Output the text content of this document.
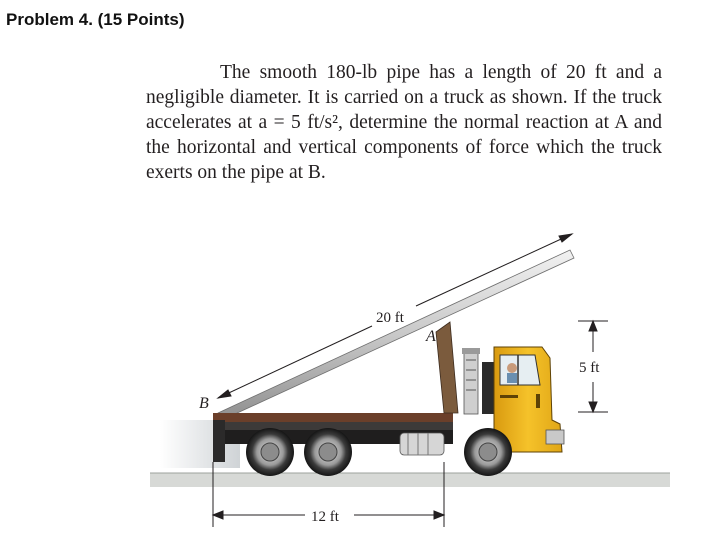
Problem 4. (15 Points)
The smooth 180-lb pipe has a length of 20 ft and a negligible diameter. It is carried on a truck as shown. If the truck accelerates at a = 5 ft/s², determine the normal reaction at A and the horizontal and vertical components of force which the truck exerts on the pipe at B.
20 ft
A
B
5 ft
12 ft
